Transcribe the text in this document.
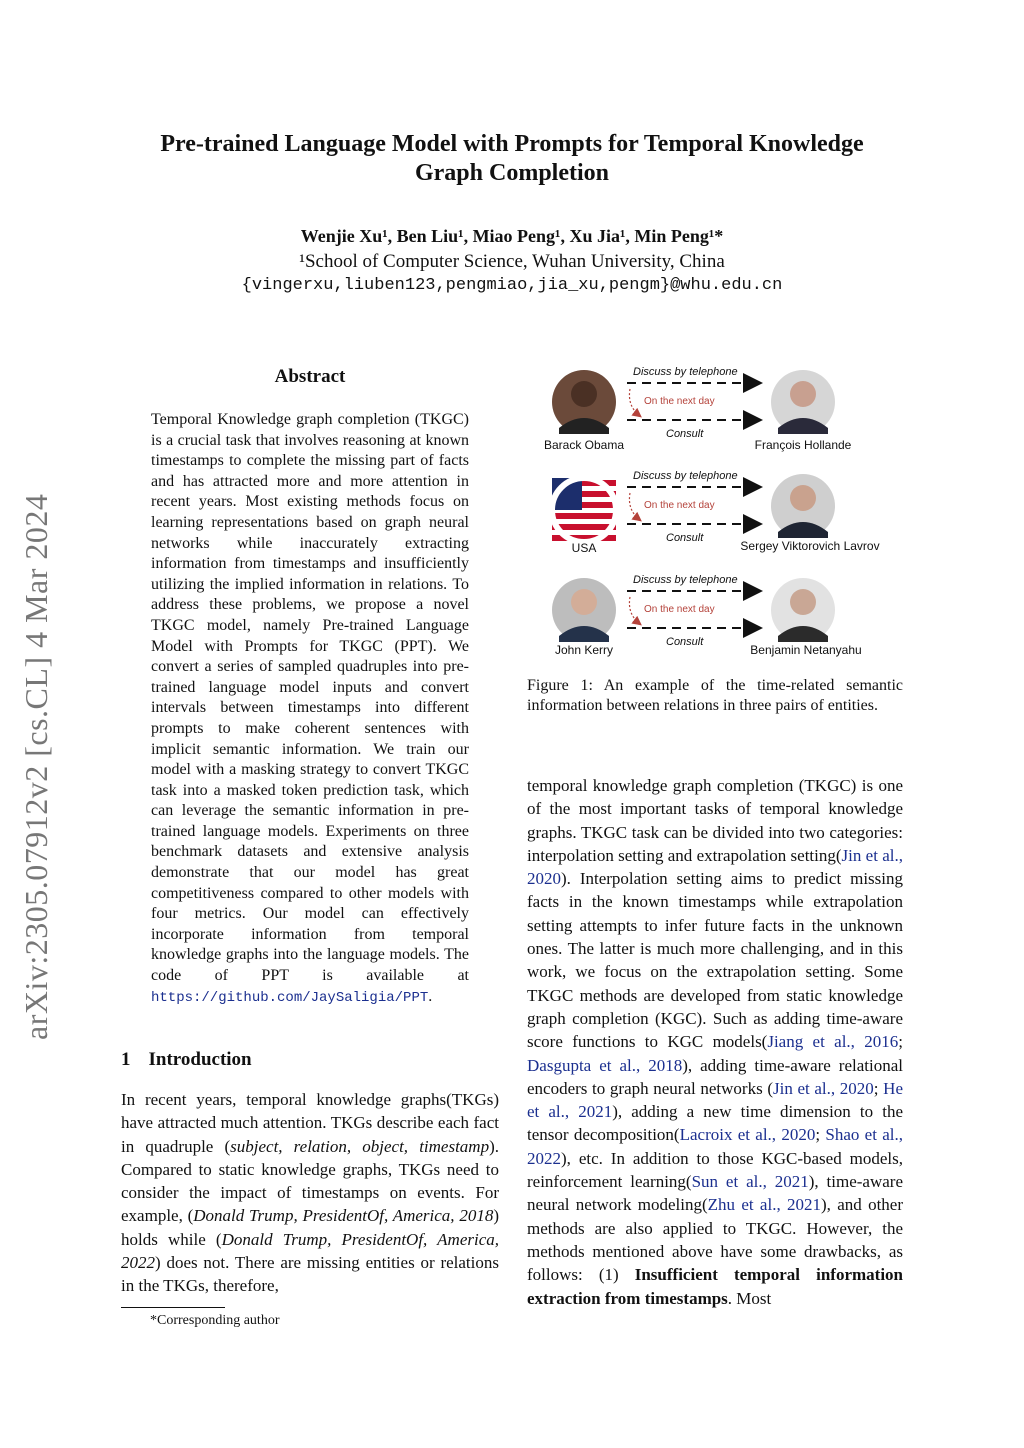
Pre-trained Language Model with Prompts for Temporal Knowledge
Graph Completion
Wenjie Xu¹, Ben Liu¹, Miao Peng¹, Xu Jia¹, Min Peng¹*
¹School of Computer Science, Wuhan University, China
{vingerxu,liuben123,pengmiao,jia_xu,pengm}@whu.edu.cn
arXiv:2305.07912v2 [cs.CL] 4 Mar 2024
Abstract
Temporal Knowledge graph completion (TKGC) is a crucial task that involves reasoning at known timestamps to complete the missing part of facts and has attracted more and more attention in recent years. Most existing methods focus on learning representations based on graph neural networks while inaccurately extracting information from timestamps and insufficiently utilizing the implied information in relations. To address these problems, we propose a novel TKGC model, namely Pre-trained Language Model with Prompts for TKGC (PPT). We convert a series of sampled quadruples into pre-trained language model inputs and convert intervals between timestamps into different prompts to make coherent sentences with implicit semantic information. We train our model with a masking strategy to convert TKGC task into a masked token prediction task, which can leverage the semantic information in pre-trained language models. Experiments on three benchmark datasets and extensive analysis demonstrate that our model has great competitiveness compared to other models with four metrics. Our model can effectively incorporate information from temporal knowledge graphs into the language models. The code of PPT is available at https://github.com/JaySaligia/PPT.
1 Introduction
In recent years, temporal knowledge graphs(TKGs) have attracted much attention. TKGs describe each fact in quadruple (subject, relation, object, timestamp). Compared to static knowledge graphs, TKGs need to consider the impact of timestamps on events. For example, (Donald Trump, PresidentOf, America, 2018) holds while (Donald Trump, PresidentOf, America, 2022) does not. There are missing entities or relations in the TKGs, therefore,
*Corresponding author
Discuss by telephone
On the next day
Consult
Barack Obama	François Hollande
Discuss by telephone
On the next day
Consult
USA	Sergey Viktorovich Lavrov
Discuss by telephone
On the next day
Consult
John Kerry	Benjamin Netanyahu
Figure 1: An example of the time-related semantic information between relations in three pairs of entities.
temporal knowledge graph completion (TKGC) is one of the most important tasks of temporal knowledge graphs. TKGC task can be divided into two categories: interpolation setting and extrapolation setting(Jin et al., 2020). Interpolation setting aims to predict missing facts in the known timestamps while extrapolation setting attempts to infer future facts in the unknown ones. The latter is much more challenging, and in this work, we focus on the extrapolation setting. Some TKGC methods are developed from static knowledge graph completion (KGC). Such as adding time-aware score functions to KGC models(Jiang et al., 2016; Dasgupta et al., 2018), adding time-aware relational encoders to graph neural networks (Jin et al., 2020; He et al., 2021), adding a new time dimension to the tensor decomposition(Lacroix et al., 2020; Shao et al., 2022), etc. In addition to those KGC-based models, reinforcement learning(Sun et al., 2021), time-aware neural network modeling(Zhu et al., 2021), and other methods are also applied to TKGC. However, the methods mentioned above have some drawbacks, as follows: (1) Insufficient temporal information extraction from timestamps. Most
